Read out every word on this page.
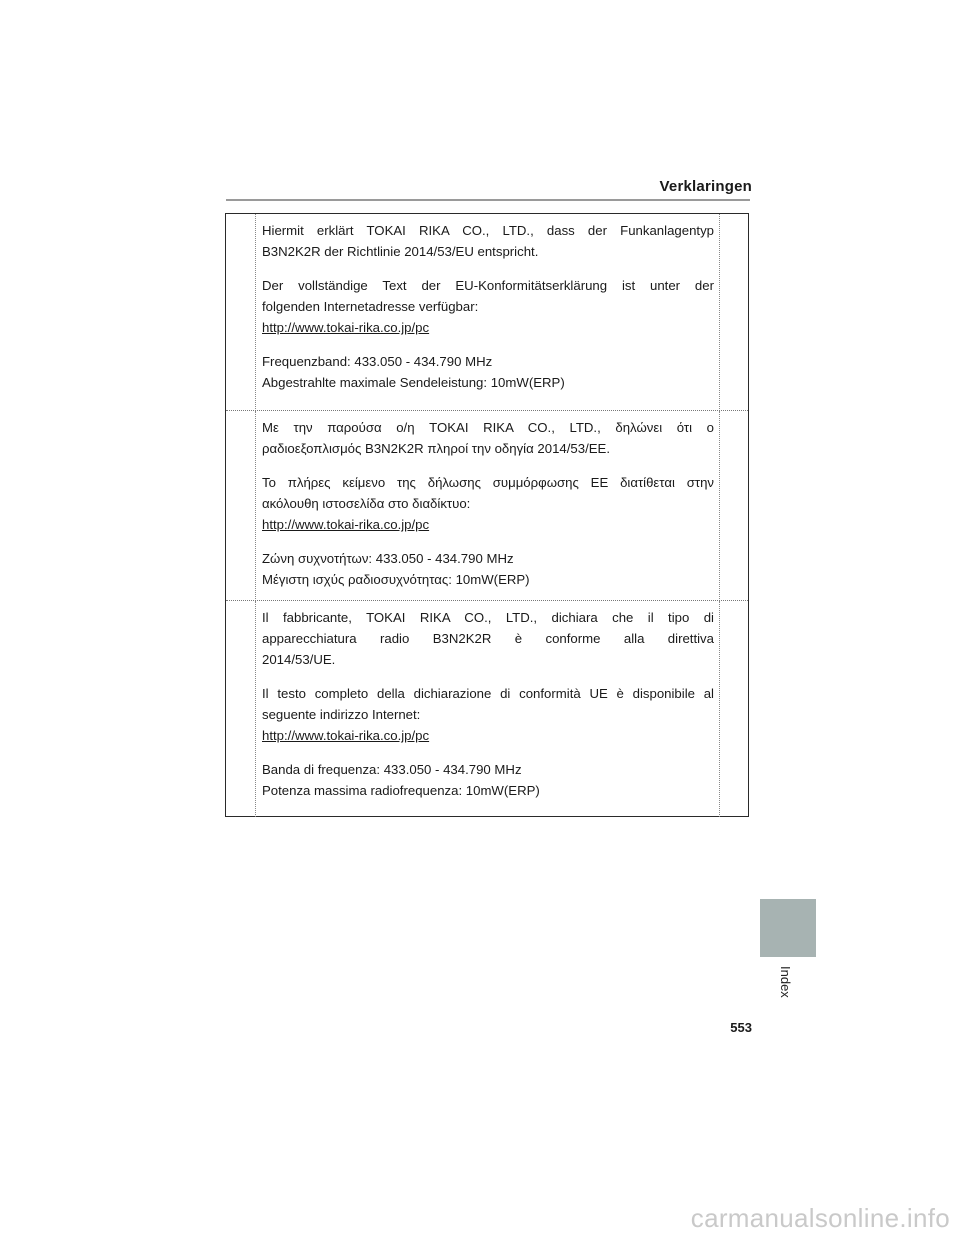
Verklaringen
Hiermit erklärt TOKAI RIKA CO., LTD., dass der Funkanlagentyp
B3N2K2R der Richtlinie 2014/53/EU entspricht.
Der vollständige Text der EU-Konformitätserklärung ist unter der
folgenden Internetadresse verfügbar:
http://www.tokai-rika.co.jp/pc
Frequenzband: 433.050 - 434.790 MHz
Abgestrahlte maximale Sendeleistung: 10mW(ERP)
Με την παρούσα ο/η TOKAI RIKA CO., LTD., δηλώνει ότι ο
ραδιοεξοπλισμός B3N2K2R πληροί την οδηγία 2014/53/ΕΕ.
Το πλήρες κείμενο της δήλωσης συμμόρφωσης ΕΕ διατίθεται στην
ακόλουθη ιστοσελίδα στο διαδίκτυο:
http://www.tokai-rika.co.jp/pc
Ζώνη συχνοτήτων: 433.050 - 434.790 MHz
Μέγιστη ισχύς ραδιοσυχνότητας: 10mW(ERP)
Il fabbricante, TOKAI RIKA CO., LTD., dichiara che il tipo di
apparecchiatura radio B3N2K2R è conforme alla direttiva
2014/53/UE.
Il testo completo della dichiarazione di conformità UE è disponibile al
seguente indirizzo Internet:
http://www.tokai-rika.co.jp/pc
Banda di frequenza: 433.050 - 434.790 MHz
Potenza massima radiofrequenza: 10mW(ERP)
Index
553
carmanualsonline.info
